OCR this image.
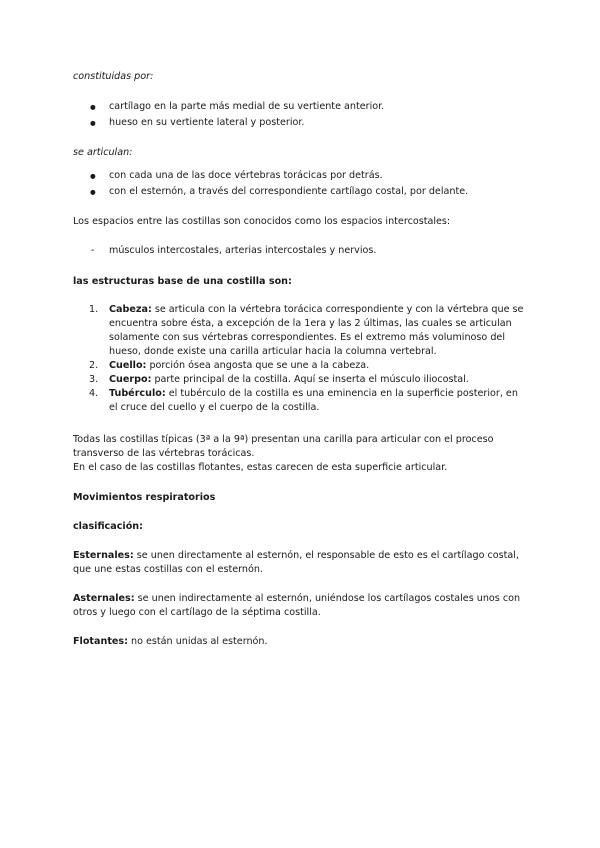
constituidas por:

● cartílago en la parte más medial de su vertiente anterior.
● hueso en su vertiente lateral y posterior.

se articulan:

● con cada una de las doce vértebras torácicas por detrás.
● con el esternón, a través del correspondiente cartílago costal, por delante.

Los espacios entre las costillas son conocidos como los espacios intercostales:

- músculos intercostales, arterias intercostales y nervios.

las estructuras base de una costilla son:

1. Cabeza: se articula con la vértebra torácica correspondiente y con la vértebra que se encuentra sobre ésta, a excepción de la 1era y las 2 últimas, las cuales se articulan solamente con sus vértebras correspondientes. Es el extremo más voluminoso del hueso, donde existe una carilla articular hacia la columna vertebral.
2. Cuello: porción ósea angosta que se une a la cabeza.
3. Cuerpo: parte principal de la costilla. Aquí se inserta el músculo iliocostal.
4. Tubérculo: el tubérculo de la costilla es una eminencia en la superficie posterior, en el cruce del cuello y el cuerpo de la costilla.

Todas las costillas típicas (3ª a la 9ª) presentan una carilla para articular con el proceso transverso de las vértebras torácicas.

En el caso de las costillas flotantes, estas carecen de esta superficie articular.

Movimientos respiratorios

clasificación:

Esternales: se unen directamente al esternón, el responsable de esto es el cartílago costal, que une estas costillas con el esternón.

Asternales: se unen indirectamente al esternón, uniéndose los cartílagos costales unos con otros y luego con el cartílago de la séptima costilla.

Flotantes: no están unidas al esternón.
